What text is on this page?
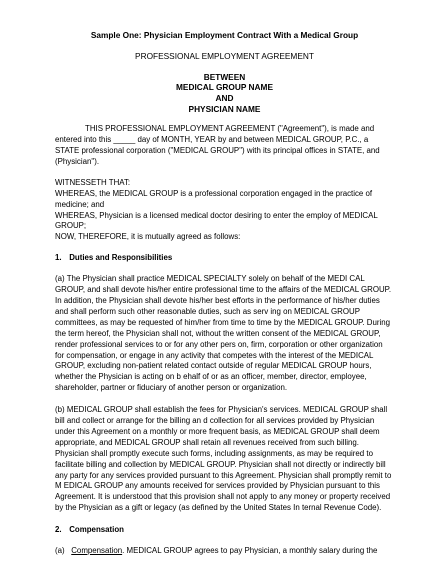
Sample One: Physician Employment Contract With a Medical Group
PROFESSIONAL EMPLOYMENT AGREEMENT
BETWEEN
MEDICAL GROUP NAME
AND
PHYSICIAN NAME

THIS PROFESSIONAL EMPLOYMENT AGREEMENT ("Agreement"), is made and entered into this _____ day of MONTH, YEAR by and between MEDICAL GROUP, P.C., a STATE professional corporation ("MEDICAL GROUP") with its principal offices in STATE, and (Physician").

WITNESSETH THAT:
WHEREAS, the MEDICAL GROUP is a professional corporation engaged in the practice of medicine; and
WHEREAS, Physician is a licensed medical doctor desiring to enter the employ of MEDICAL GROUP;
NOW, THEREFORE, it is mutually agreed as follows:
1. Duties and Responsibilities

(a) The Physician shall practice MEDICAL SPECIALTY solely on behalf of the MEDI CAL GROUP, and shall devote his/her entire professional time to the affairs of the MEDICAL GROUP. In addition, the Physician shall devote his/her best efforts in the performance of his/her duties and shall perform such other reasonable duties, such as serv ing on MEDICAL GROUP committees, as may be requested of him/her from time to time by the MEDICAL GROUP. During the term hereof, the Physician shall not, without the written consent of the MEDICAL GROUP, render professional services to or for any other pers on, firm, corporation or other organization for compensation, or engage in any activity that competes with the interest of the MEDICAL GROUP, excluding non-patient related contact outside of regular MEDICAL GROUP hours, whether the Physician is acting on b ehalf of or as an officer, member, director, employee, shareholder, partner or fiduciary of another person or organization.

(b) MEDICAL GROUP shall establish the fees for Physician's services. MEDICAL GROUP shall bill and collect or arrange for the billing an d collection for all services provided by Physician under this Agreement on a monthly or more frequent basis, as MEDICAL GROUP shall deem appropriate, and MEDICAL GROUP shall retain all revenues received from such billing. Physician shall promptly execute such forms, including assignments, as may be required to facilitate billing and collection by MEDICAL GROUP. Physician shall not directly or indirectly bill any party for any services provided pursuant to this Agreement. Physician shall promptly remit to M EDICAL GROUP any amounts received for services provided by Physician pursuant to this Agreement. It is understood that this provision shall not apply to any money or property received by the Physician as a gift or legacy (as defined by the United States In ternal Revenue Code).

2. Compensation

(a)   Compensation. MEDICAL GROUP agrees to pay Physician, a monthly salary during the
